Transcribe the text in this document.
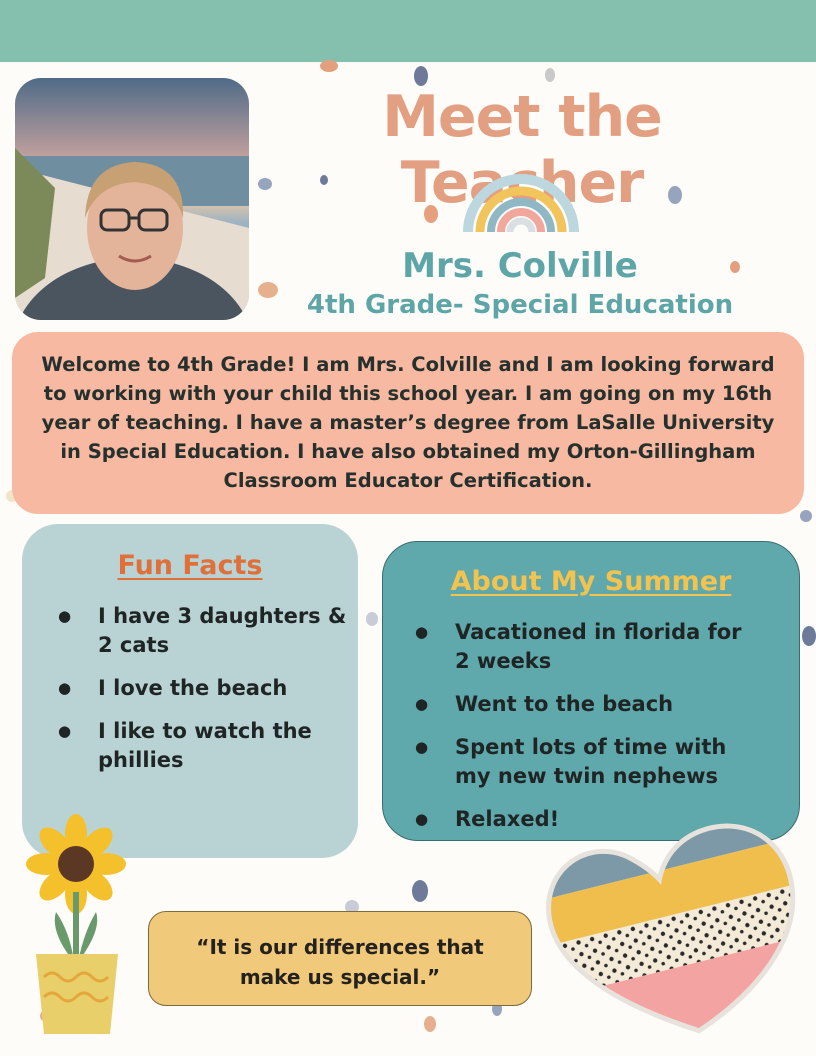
Meet the Teacher
Mrs. Colville
4th Grade- Special Education
Welcome to 4th Grade! I am Mrs. Colville and I am looking forward to working with your child this school year. I am going on my 16th year of teaching. I have a master’s degree from LaSalle University in Special Education. I have also obtained my Orton-Gillingham Classroom Educator Certification.
Fun Facts
● I have 3 daughters & 2 cats
● I love the beach
● I like to watch the phillies
About My Summer
● Vacationed in florida for 2 weeks
● Went to the beach
● Spent lots of time with my new twin nephews
● Relaxed!
“It is our differences that make us special.”
